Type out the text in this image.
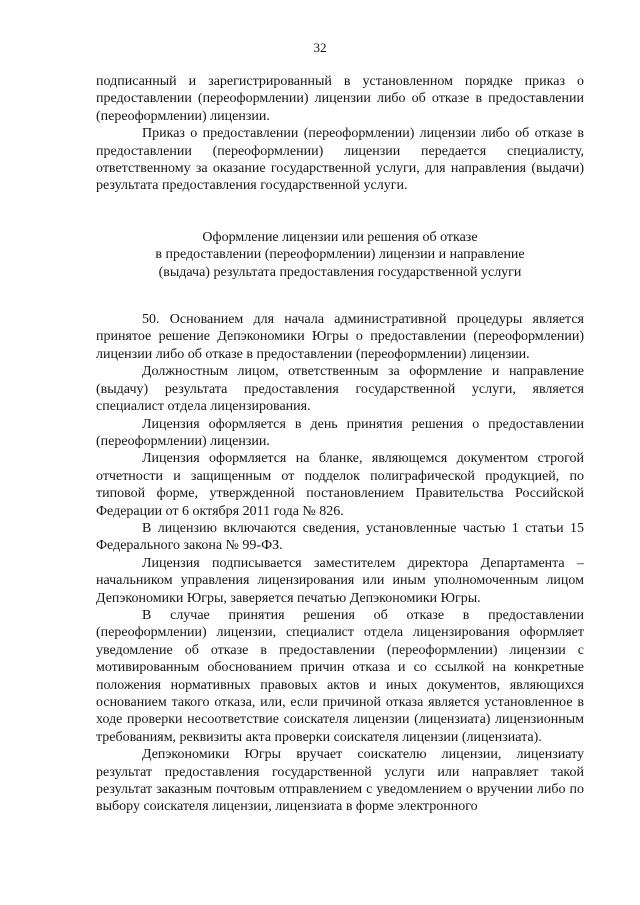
32

подписанный и зарегистрированный в установленном порядке приказ о предоставлении (переоформлении) лицензии либо об отказе в предоставлении (переоформлении) лицензии.

Приказ о предоставлении (переоформлении) лицензии либо об отказе в предоставлении (переоформлении) лицензии передается специалисту, ответственному за оказание государственной услуги, для направления (выдачи) результата предоставления государственной услуги.

Оформление лицензии или решения об отказе
в предоставлении (переоформлении) лицензии и направление
(выдача) результата предоставления государственной услуги

50. Основанием для начала административной процедуры является принятое решение Депэкономики Югры о предоставлении (переоформлении) лицензии либо об отказе в предоставлении (переоформлении) лицензии.

Должностным лицом, ответственным за оформление и направление (выдачу) результата предоставления государственной услуги, является специалист отдела лицензирования.

Лицензия оформляется в день принятия решения о предоставлении (переоформлении) лицензии.

Лицензия оформляется на бланке, являющемся документом строгой отчетности и защищенным от подделок полиграфической продукцией, по типовой форме, утвержденной постановлением Правительства Российской Федерации от 6 октября 2011 года № 826.

В лицензию включаются сведения, установленные частью 1 статьи 15 Федерального закона № 99-ФЗ.

Лицензия подписывается заместителем директора Департамента – начальником управления лицензирования или иным уполномоченным лицом Депэкономики Югры, заверяется печатью Депэкономики Югры.

В случае принятия решения об отказе в предоставлении (переоформлении) лицензии, специалист отдела лицензирования оформляет уведомление об отказе в предоставлении (переоформлении) лицензии с мотивированным обоснованием причин отказа и со ссылкой на конкретные положения нормативных правовых актов и иных документов, являющихся основанием такого отказа, или, если причиной отказа является установленное в ходе проверки несоответствие соискателя лицензии (лицензиата) лицензионным требованиям, реквизиты акта проверки соискателя лицензии (лицензиата).

Депэкономики Югры вручает соискателю лицензии, лицензиату результат предоставления государственной услуги или направляет такой результат заказным почтовым отправлением с уведомлением о вручении либо по выбору соискателя лицензии, лицензиата в форме электронного
